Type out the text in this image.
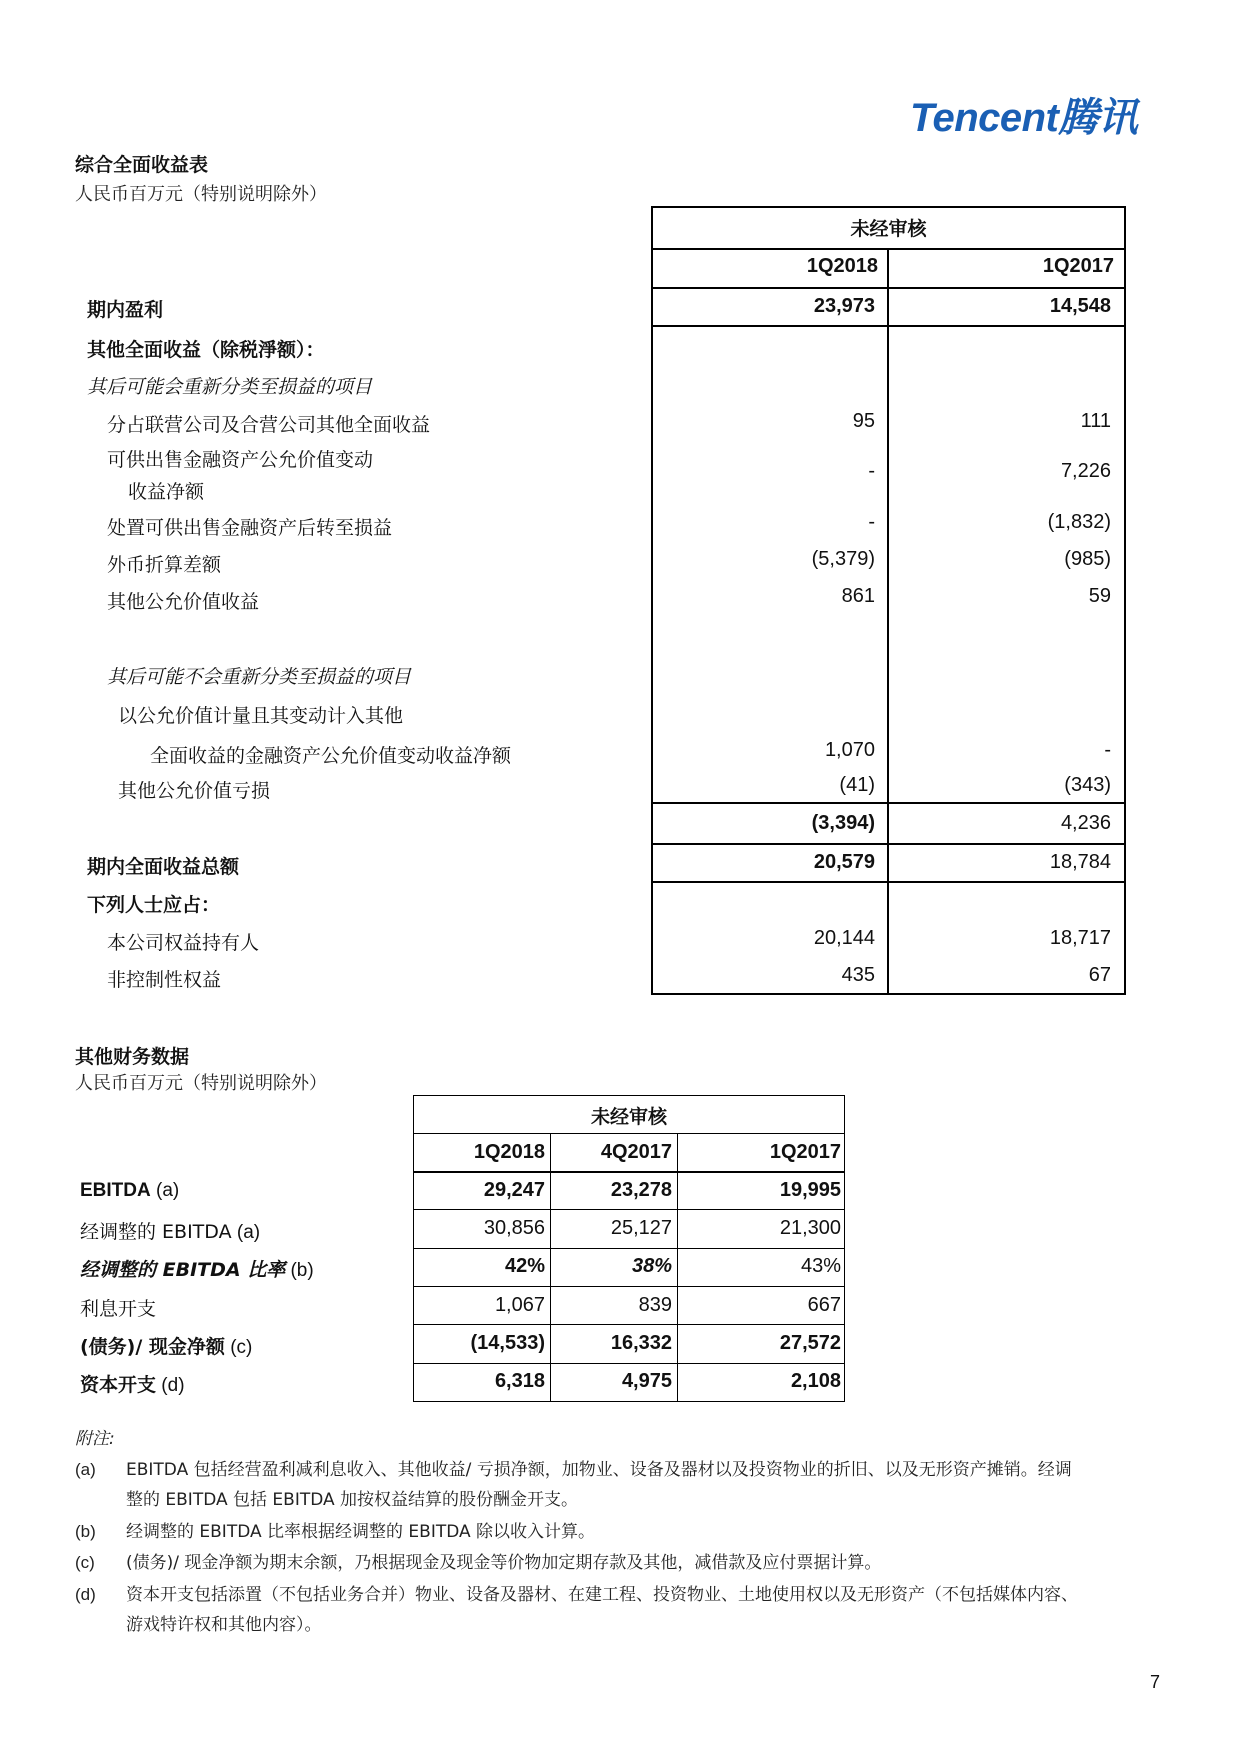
Tencent腾讯
综合全面收益表
人民币百万元（特别说明除外）
未经审核
1Q2018	1Q2017
期内盈利	23,973	14,548
其他全面收益（除税淨额）：
其后可能会重新分类至损益的项目
分占联营公司及合营公司其他全面收益	95	111
可供出售金融资产公允价值变动
收益净额
-	7,226
处置可供出售金融资产后转至损益	-	(1,832)
外币折算差额	(5,379)	(985)
其他公允价值收益	861	59
其后可能不会重新分类至损益的项目
以公允价值计量且其变动计入其他
全面收益的金融资产公允价值变动收益净额	1,070	-
其他公允价值亏损	(41)	(343)
(3,394)	4,236
期内全面收益总额	20,579	18,784
下列人士应占：
本公司权益持有人	20,144	18,717
非控制性权益	435	67
其他财务数据
人民币百万元（特别说明除外）
未经审核
1Q2018	4Q2017	1Q2017
EBITDA (a)	29,247	23,278	19,995
经调整的 EBITDA (a)	30,856	25,127	21,300
经调整的 EBITDA 比率 (b)	42%	38%	43%
利息开支	1,067	839	667
(债务)/ 现金净额 (c)	(14,533)	16,332	27,572
资本开支 (d)	6,318	4,975	2,108
附注:
(a) EBITDA 包括经营盈利减利息收入、其他收益/ 亏损净额，加物业、设备及器材以及投资物业的折旧、以及无形资产摊销。经调
整的 EBITDA 包括 EBITDA 加按权益结算的股份酬金开支。
(b) 经调整的 EBITDA 比率根据经调整的 EBITDA 除以收入计算。
(c) (债务)/ 现金净额为期末余额，乃根据现金及现金等价物加定期存款及其他，减借款及应付票据计算。
(d) 资本开支包括添置（不包括业务合并）物业、设备及器材、在建工程、投资物业、土地使用权以及无形资产（不包括媒体内容、
游戏特许权和其他内容）。
7
